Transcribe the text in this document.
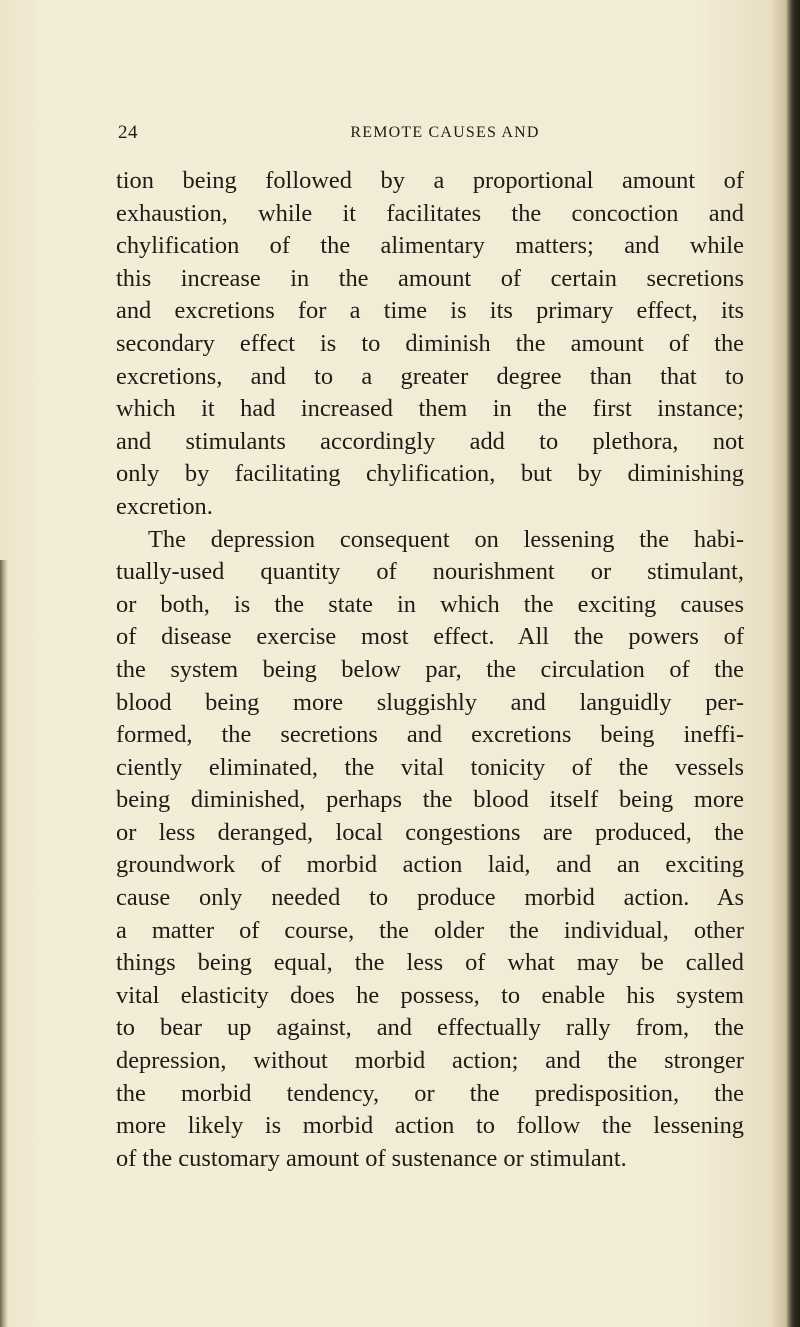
24	REMOTE CAUSES AND
tion being followed by a proportional amount of
exhaustion, while it facilitates the concoction and
chylification of the alimentary matters; and while
this increase in the amount of certain secretions
and excretions for a time is its primary effect, its
secondary effect is to diminish the amount of the
excretions, and to a greater degree than that to
which it had increased them in the first instance;
and stimulants accordingly add to plethora, not
only by facilitating chylification, but by diminishing
excretion.
The depression consequent on lessening the habi-
tually-used quantity of nourishment or stimulant,
or both, is the state in which the exciting causes
of disease exercise most effect. All the powers of
the system being below par, the circulation of the
blood being more sluggishly and languidly per-
formed, the secretions and excretions being ineffi-
ciently eliminated, the vital tonicity of the vessels
being diminished, perhaps the blood itself being more
or less deranged, local congestions are produced, the
groundwork of morbid action laid, and an exciting
cause only needed to produce morbid action. As
a matter of course, the older the individual, other
things being equal, the less of what may be called
vital elasticity does he possess, to enable his system
to bear up against, and effectually rally from, the
depression, without morbid action; and the stronger
the morbid tendency, or the predisposition, the
more likely is morbid action to follow the lessening
of the customary amount of sustenance or stimulant.
